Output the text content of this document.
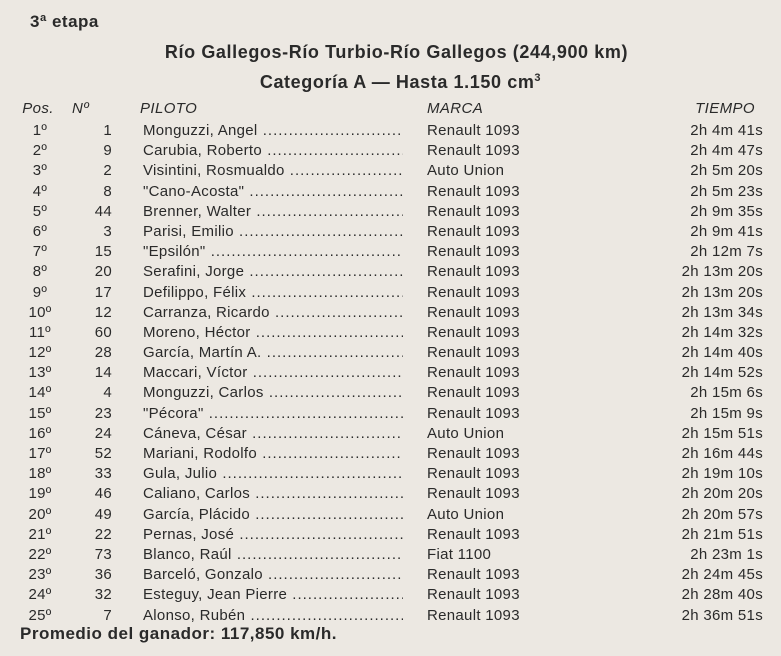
3ª etapa
Río Gallegos-Río Turbio-Río Gallegos (244,900 km)
Categoría A — Hasta 1.150 $cm^3$
Pos. Nº	PILOTO	MARCA	TIEMPO
1º	1 Monguzzi, Angel .....	Renault 1093	2h 4m 41s
2º	9 Carubia, Roberto .....	Renault 1093	2h 4m 47s
3º	2 Visintini, Rosmualdo .....	Auto Union	2h 5m 20s
4º	8 "Cano-Acosta" .....	Renault 1093	2h 5m 23s
5º	44 Brenner, Walter .....	Renault 1093	2h 9m 35s
6º	3 Parisi, Emilio .....	Renault 1093	2h 9m 41s
7º	15 "Epsilón" .....	Renault 1093	2h 12m 7s
8º	20 Serafini, Jorge .....	Renault 1093	2h 13m 20s
9º	17 Defilippo, Félix .....	Renault 1093	2h 13m 20s
10º	12 Carranza, Ricardo .....	Renault 1093	2h 13m 34s
11º	60 Moreno, Héctor .....	Renault 1093	2h 14m 32s
12º	28 García, Martín A. .....	Renault 1093	2h 14m 40s
13º	14 Maccari, Víctor .....	Renault 1093	2h 14m 52s
14º	4 Monguzzi, Carlos .....	Renault 1093	2h 15m 6s
15º	23 "Pécora" .....	Renault 1093	2h 15m 9s
16º	24 Cáneva, César .....	Auto Union	2h 15m 51s
17º	52 Mariani, Rodolfo .....	Renault 1093	2h 16m 44s
18º	33 Gula, Julio .....	Renault 1093	2h 19m 10s
19º	46 Caliano, Carlos .....	Renault 1093	2h 20m 20s
20º	49 García, Plácido .....	Auto Union	2h 20m 57s
21º	22 Pernas, José .....	Renault 1093	2h 21m 51s
22º	73 Blanco, Raúl .....	Fiat 1100	2h 23m 1s
23º	36 Barceló, Gonzalo .....	Renault 1093	2h 24m 45s
24º	32 Esteguy, Jean Pierre .....	Renault 1093	2h 28m 40s
25º	7 Alonso, Rubén .....	Renault 1093	2h 36m 51s
Promedio del ganador: 117,850 km/h.
